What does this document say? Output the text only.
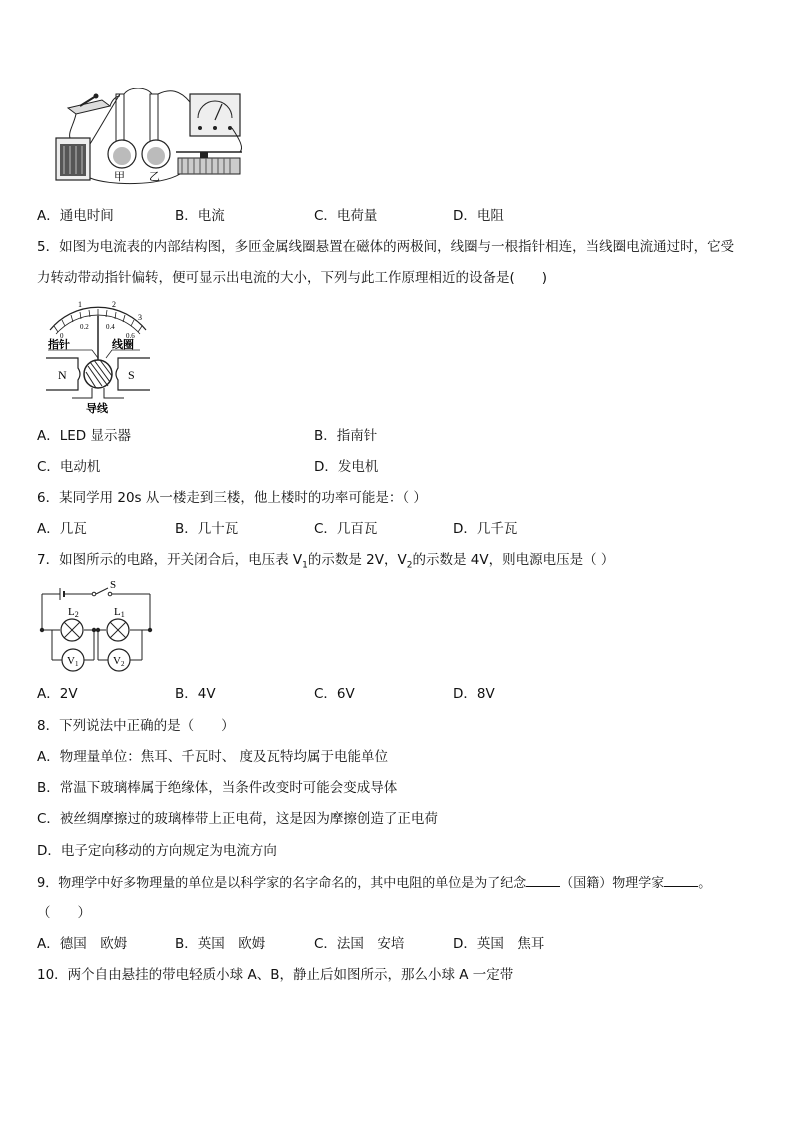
甲 乙
A．通电时间	B．电流	C．电荷量	D．电阻
5．如图为电流表的内部结构图，多匝金属线圈悬置在磁体的两极间，线圈与一根指针相连，当线圈电流通过时，它受
力转动带动指针偏转，便可显示出电流的大小，下列与此工作原理相近的设备是(　　)
1	2
3
0
0.2 0.4
0.6
N	S
指针	线圈
导线
A．LED 显示器	B．指南针
C．电动机	D．发电机
6．某同学用 20s 从一楼走到三楼，他上楼时的功率可能是：（ ）
A．几瓦	B．几十瓦	C．几百瓦	D．几千瓦
7．如图所示的电路，开关闭合后，电压表 $V_1$的示数是 2V，$V_2$的示数是 4V，则电源电压是（ ）
S
L2	L1
V1	V2
A．2V	B．4V	C．6V	D．8V
8．下列说法中正确的是（　　）
A．物理量单位：焦耳、千瓦时、 度及瓦特均属于电能单位
B．常温下玻璃棒属于绝缘体，当条件改变时可能会变成导体
C．被丝绸摩擦过的玻璃棒带上正电荷，这是因为摩擦创造了正电荷
D．电子定向移动的方向规定为电流方向
9．物理学中好多物理量的单位是以科学家的名字命名的，其中电阻的单位是为了纪念	（国籍）物理学家	。
（　　）
A．德国　欧姆	B．英国　欧姆	C．法国　安培	D．英国　焦耳
10．两个自由悬挂的带电轻质小球 A、B，静止后如图所示，那么小球 A 一定带
